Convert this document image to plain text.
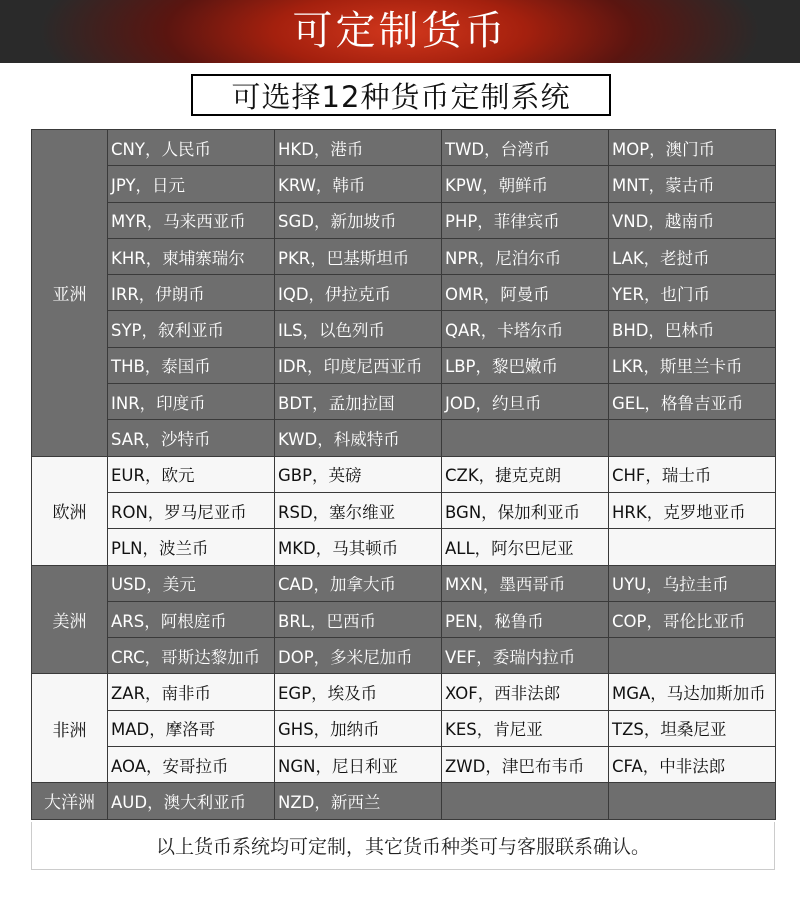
可定制货币
可选择12种货币定制系统
亚洲	CNY，人民币	HKD，港币	TWD，台湾币	MOP，澳门币
	JPY，日元	KRW，韩币	KPW，朝鲜币	MNT，蒙古币
	MYR，马来西亚币	SGD，新加坡币	PHP，菲律宾币	VND，越南币
	KHR，柬埔寨瑞尔	PKR，巴基斯坦币	NPR，尼泊尔币	LAK，老挝币
	IRR，伊朗币	IQD，伊拉克币	OMR，阿曼币	YER，也门币
	SYP，叙利亚币	ILS，以色列币	QAR，卡塔尔币	BHD，巴林币
	THB，泰国币	IDR，印度尼西亚币	LBP，黎巴嫩币	LKR，斯里兰卡币
	INR，印度币	BDT，孟加拉国	JOD，约旦币	GEL，格鲁吉亚币
	SAR，沙特币	KWD，科威特币		
欧洲	EUR，欧元	GBP，英磅	CZK，捷克克朗	CHF，瑞士币
	RON，罗马尼亚币	RSD，塞尔维亚	BGN，保加利亚币	HRK，克罗地亚币
	PLN，波兰币	MKD，马其顿币	ALL，阿尔巴尼亚	
美洲	USD，美元	CAD，加拿大币	MXN，墨西哥币	UYU，乌拉圭币
	ARS，阿根庭币	BRL，巴西币	PEN，秘鲁币	COP，哥伦比亚币
	CRC，哥斯达黎加币	DOP，多米尼加币	VEF，委瑞内拉币	
非洲	ZAR，南非币	EGP，埃及币	XOF，西非法郎	MGA，马达加斯加币
	MAD，摩洛哥	GHS，加纳币	KES，肯尼亚	TZS，坦桑尼亚
	AOA，安哥拉币	NGN，尼日利亚	ZWD，津巴布韦币	CFA，中非法郎
大洋洲	AUD，澳大利亚币	NZD，新西兰		
以上货币系统均可定制，其它货币种类可与客服联系确认。
